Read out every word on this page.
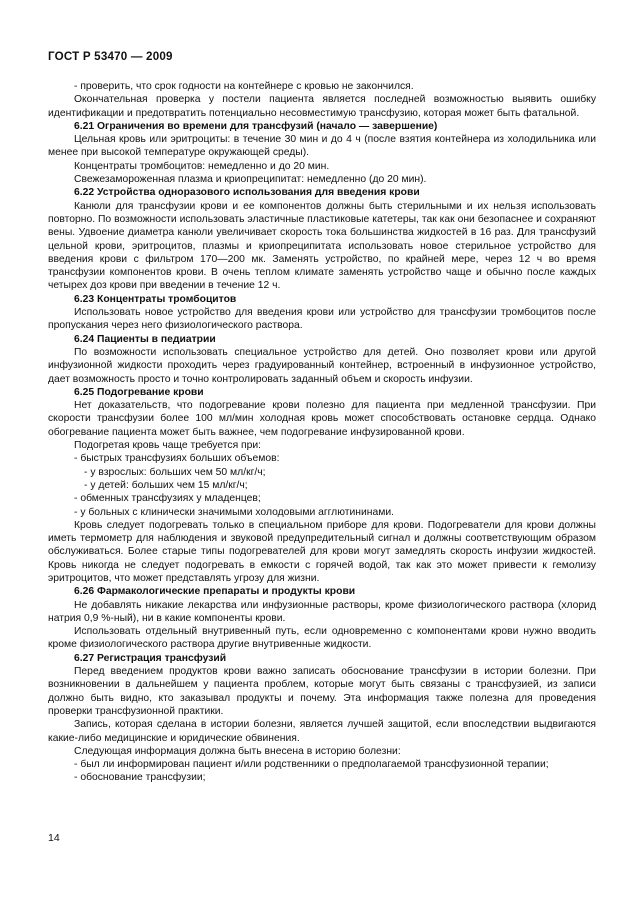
ГОСТ Р 53470 — 2009

- проверить, что срок годности на контейнере с кровью не закончился.

Окончательная проверка у постели пациента является последней возможностью выявить ошибку идентификации и предотвратить потенциально несовместимую трансфузию, которая может быть фатальной.

6.21 Ограничения во времени для трансфузий (начало — завершение)

Цельная кровь или эритроциты: в течение 30 мин и до 4 ч (после взятия контейнера из холодильника или менее при высокой температуре окружающей среды).

Концентраты тромбоцитов: немедленно и до 20 мин.

Свежезамороженная плазма и криопреципитат: немедленно (до 20 мин).

6.22 Устройства одноразового использования для введения крови

Канюли для трансфузии крови и ее компонентов должны быть стерильными и их нельзя использовать повторно. По возможности использовать эластичные пластиковые катетеры, так как они безопаснее и сохраняют вены. Удвоение диаметра канюли увеличивает скорость тока большинства жидкостей в 16 раз. Для трансфузий цельной крови, эритроцитов, плазмы и криопреципитата использовать новое стерильное устройство для введения крови с фильтром 170—200 мк. Заменять устройство, по крайней мере, через 12 ч во время трансфузии компонентов крови. В очень теплом климате заменять устройство чаще и обычно после каждых четырех доз крови при введении в течение 12 ч.

6.23 Концентраты тромбоцитов

Использовать новое устройство для введения крови или устройство для трансфузии тромбоцитов после пропускания через него физиологического раствора.

6.24 Пациенты в педиатрии

По возможности использовать специальное устройство для детей. Оно позволяет крови или другой инфузионной жидкости проходить через градуированный контейнер, встроенный в инфузионное устройство, дает возможность просто и точно контролировать заданный объем и скорость инфузии.

6.25 Подогревание крови

Нет доказательств, что подогревание крови полезно для пациента при медленной трансфузии. При скорости трансфузии более 100 мл/мин холодная кровь может способствовать остановке сердца. Однако обогревание пациента может быть важнее, чем подогревание инфузированной крови.

Подогретая кровь чаще требуется при:

- быстрых трансфузиях больших объемов:

- у взрослых: больших чем 50 мл/кг/ч;

- у детей: больших чем 15 мл/кг/ч;

- обменных трансфузиях у младенцев;

- у больных с клинически значимыми холодовыми агглютининами.

Кровь следует подогревать только в специальном приборе для крови. Подогреватели для крови должны иметь термометр для наблюдения и звуковой предупредительный сигнал и должны соответствующим образом обслуживаться. Более старые типы подогревателей для крови могут замедлять скорость инфузии жидкостей. Кровь никогда не следует подогревать в емкости с горячей водой, так как это может привести к гемолизу эритроцитов, что может представлять угрозу для жизни.

6.26 Фармакологические препараты и продукты крови

Не добавлять никакие лекарства или инфузионные растворы, кроме физиологического раствора (хлорид натрия 0,9 %-ный), ни в какие компоненты крови.

Использовать отдельный внутривенный путь, если одновременно с компонентами крови нужно вводить кроме физиологического раствора другие внутривенные жидкости.

6.27 Регистрация трансфузий

Перед введением продуктов крови важно записать обоснование трансфузии в истории болезни. При возникновении в дальнейшем у пациента проблем, которые могут быть связаны с трансфузией, из записи должно быть видно, кто заказывал продукты и почему. Эта информация также полезна для проведения проверки трансфузионной практики.

Запись, которая сделана в истории болезни, является лучшей защитой, если впоследствии выдвигаются какие-либо медицинские и юридические обвинения.

Следующая информация должна быть внесена в историю болезни:

- был ли информирован пациент и/или родственники о предполагаемой трансфузионной терапии;

- обоснование трансфузии;

14
